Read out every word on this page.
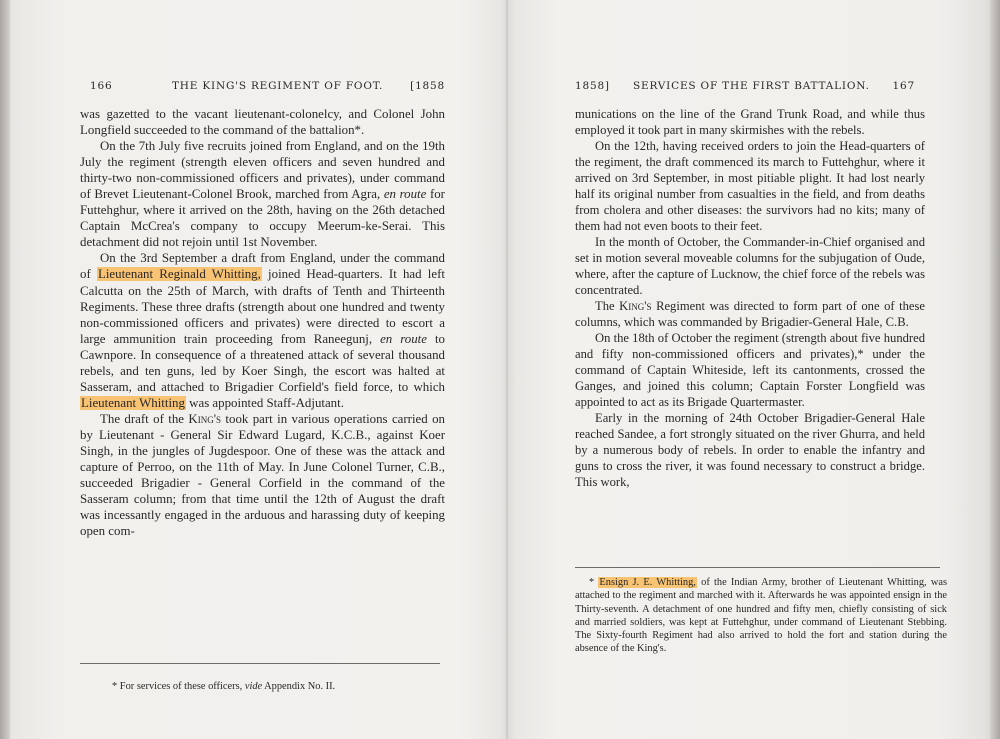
166	THE KING'S REGIMENT OF FOOT.	[1858

was gazetted to the vacant lieutenant-colonelcy, and Colonel John Longfield succeeded to the command of the battalion*.

On the 7th July five recruits joined from England, and on the 19th July the regiment (strength eleven officers and seven hundred and thirty-two non-commissioned officers and privates), under command of Brevet Lieutenant-Colonel Brook, marched from Agra, en route for Futtehghur, where it arrived on the 28th, having on the 26th detached Captain McCrea's company to occupy Meerum-ke-Serai. This detachment did not rejoin until 1st November.

On the 3rd September a draft from England, under the command of Lieutenant Reginald Whitting, joined Head-quarters. It had left Calcutta on the 25th of March, with drafts of Tenth and Thirteenth Regiments. These three drafts (strength about one hundred and twenty non-commissioned officers and privates) were directed to escort a large ammunition train proceeding from Raneegunj, en route to Cawnpore. In consequence of a threatened attack of several thousand rebels, and ten guns, led by Koer Singh, the escort was halted at Sasseram, and attached to Brigadier Corfield's field force, to which Lieutenant Whitting was appointed Staff-Adjutant.

The draft of the King's took part in various operations carried on by Lieutenant - General Sir Edward Lugard, K.C.B., against Koer Singh, in the jungles of Jugdespoor. One of these was the attack and capture of Perroo, on the 11th of May. In June Colonel Turner, C.B., succeeded Brigadier - General Corfield in the command of the Sasseram column; from that time until the 12th of August the draft was incessantly engaged in the arduous and harassing duty of keeping open com-

* For services of these officers, vide Appendix No. II.
1858] SERVICES OF THE FIRST BATTALION. 167

munications on the line of the Grand Trunk Road, and while thus employed it took part in many skirmishes with the rebels.

On the 12th, having received orders to join the Head-quarters of the regiment, the draft commenced its march to Futtehghur, where it arrived on 3rd September, in most pitiable plight. It had lost nearly half its original number from casualties in the field, and from deaths from cholera and other diseases: the survivors had no kits; many of them had not even boots to their feet.

In the month of October, the Commander-in-Chief organised and set in motion several moveable columns for the subjugation of Oude, where, after the capture of Lucknow, the chief force of the rebels was concentrated.

The King's Regiment was directed to form part of one of these columns, which was commanded by Brigadier-General Hale, C.B.

On the 18th of October the regiment (strength about five hundred and fifty non-commissioned officers and privates),* under the command of Captain Whiteside, left its cantonments, crossed the Ganges, and joined this column; Captain Forster Longfield was appointed to act as its Brigade Quartermaster.

Early in the morning of 24th October Brigadier-General Hale reached Sandee, a fort strongly situated on the river Ghurra, and held by a numerous body of rebels. In order to enable the infantry and guns to cross the river, it was found necessary to construct a bridge. This work,

* Ensign J. E. Whitting, of the Indian Army, brother of Lieutenant Whitting, was attached to the regiment and marched with it. Afterwards he was appointed ensign in the Thirty-seventh. A detachment of one hundred and fifty men, chiefly consisting of sick and married soldiers, was kept at Futtehghur, under command of Lieutenant Stebbing. The Sixty-fourth Regiment had also arrived to hold the fort and station during the absence of the King's.
